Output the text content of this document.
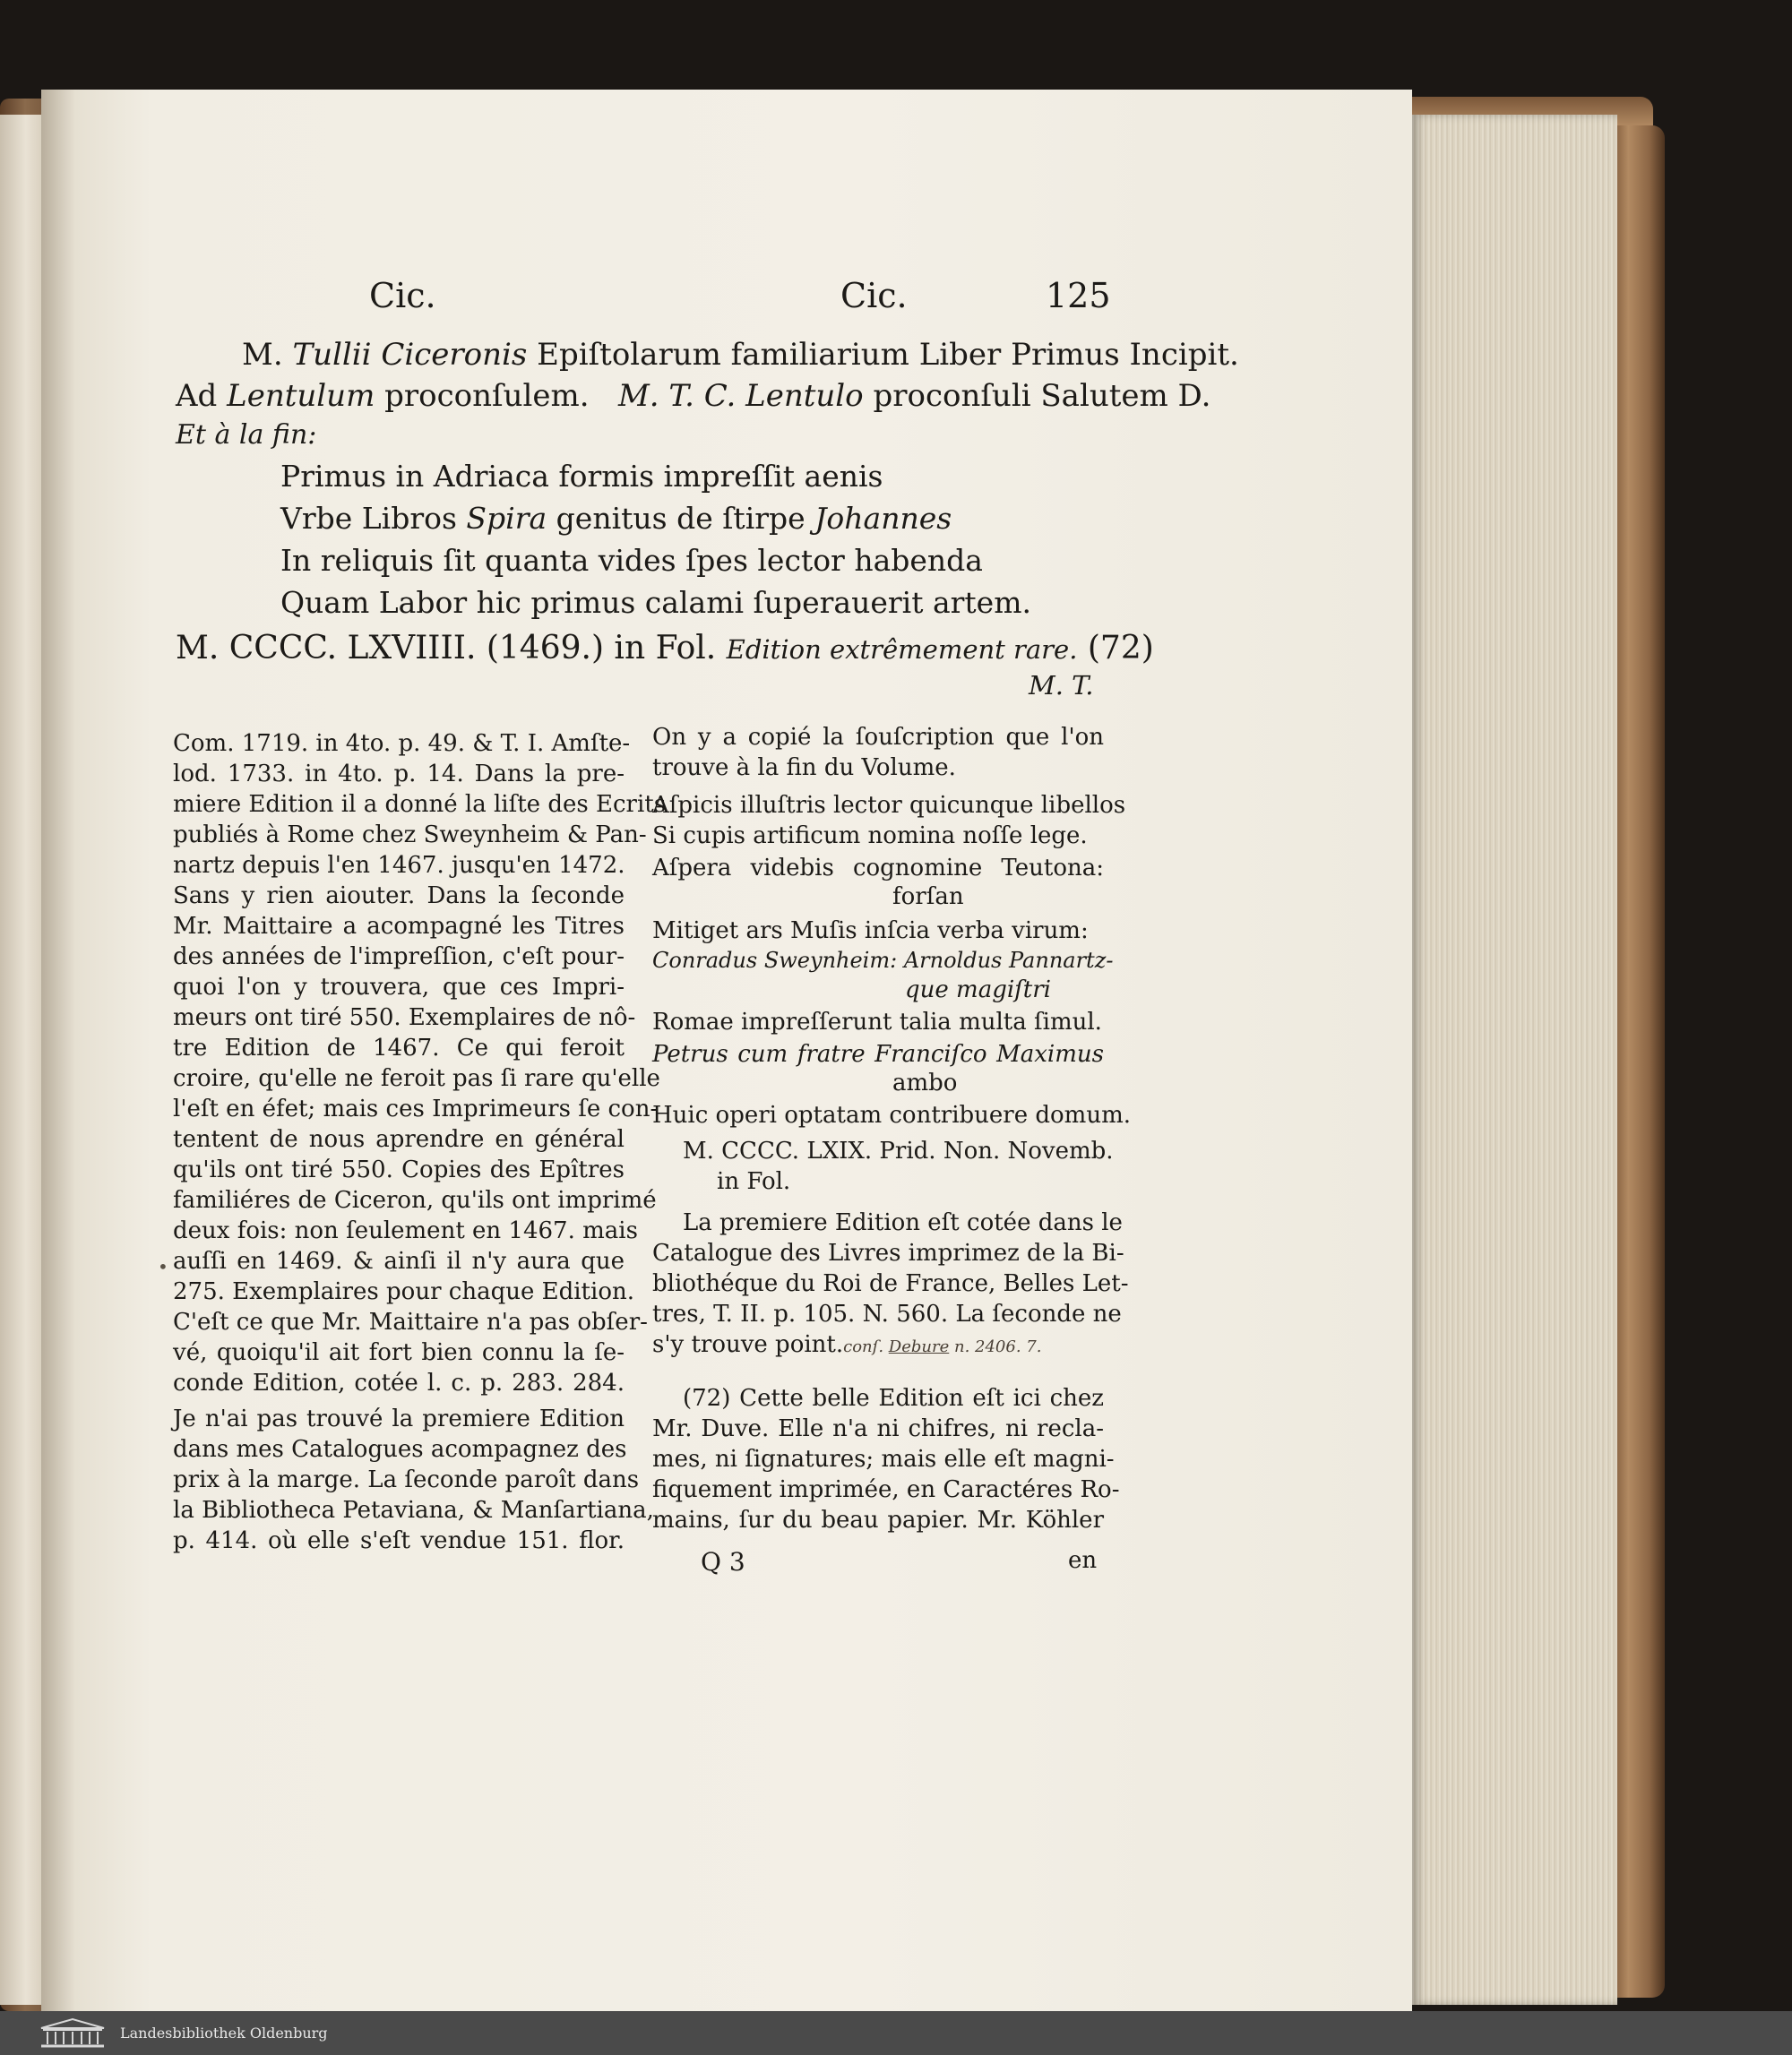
Cic.	Cic.	125
M. Tullii Ciceronis Epiſtolarum familiarium Liber Primus Incipit.
Ad Lentulum proconſulem. M. T. C. Lentulo proconſuli Salutem D.
Et à la fin:
Primus in Adriaca formis impreſſit aenis
Vrbe Libros Spira genitus de ſtirpe Johannes
In reliquis ſit quanta vides ſpes lector habenda
Quam Labor hic primus calami ſuperauerit artem.
M. CCCC. LXVIIII. (1469.) in Fol. Edition extrêmement rare. (72)
M. T.
Com. 1719. in 4to. p. 49. & T. I. Amſte-
lod. 1733. in 4to. p. 14. Dans la pre-
miere Edition il a donné la liſte des Ecrits
publiés à Rome chez Sweynheim & Pan-
nartz depuis l'en 1467. jusqu'en 1472.
Sans y rien aiouter. Dans la ſeconde
Mr. Maittaire a acompagné les Titres
des années de l'impreſſion, c'eſt pour-
quoi l'on y trouvera, que ces Impri-
meurs ont tiré 550. Exemplaires de nô-
tre Edition de 1467. Ce qui feroit
croire, qu'elle ne feroit pas ſi rare qu'elle
l'eſt en éfet; mais ces Imprimeurs ſe con-
tentent de nous aprendre en général
qu'ils ont tiré 550. Copies des Epîtres
familiéres de Ciceron, qu'ils ont imprimé
deux fois: non ſeulement en 1467. mais
auſſi en 1469. & ainſi il n'y aura que
275. Exemplaires pour chaque Edition.
C'eſt ce que Mr. Maittaire n'a pas obſer-
vé, quoiqu'il ait fort bien connu la ſe-
conde Edition, cotée l. c. p. 283. 284.
Je n'ai pas trouvé la premiere Edition
dans mes Catalogues acompagnez des
prix à la marge. La ſeconde paroît dans
la Bibliotheca Petaviana, & Manſartiana,
p. 414. où elle s'eſt vendue 151. flor.
•
On y a copié la ſouſcription que l'on
trouve à la fin du Volume.
Aſpicis illuſtris lector quicunque libellos
Si cupis artificum nomina noſſe lege.
Aſpera videbis cognomine Teutona:
forſan
Mitiget ars Muſis inſcia verba virum:
Conradus Sweynheim: Arnoldus Pannartz-
que magiſtri
Romae impreſſerunt talia multa ſimul.
Petrus cum fratre Franciſco Maximus
ambo
Huic operi optatam contribuere domum.
M. CCCC. LXIX. Prid. Non. Novemb.
in Fol.
La premiere Edition eſt cotée dans le
Catalogue des Livres imprimez de la Bi-
bliothéque du Roi de France, Belles Let-
tres, T. II. p. 105. N. 560. La ſeconde ne
s'y trouve point.conſ. Debure n. 2406. 7.
(72) Cette belle Edition eſt ici chez
Mr. Duve. Elle n'a ni chifres, ni recla-
mes, ni ſignatures; mais elle eſt magni-
fiquement imprimée, en Caractéres Ro-
mains, ſur du beau papier. Mr. Köhler
Q 3	en
Landesbibliothek Oldenburg
